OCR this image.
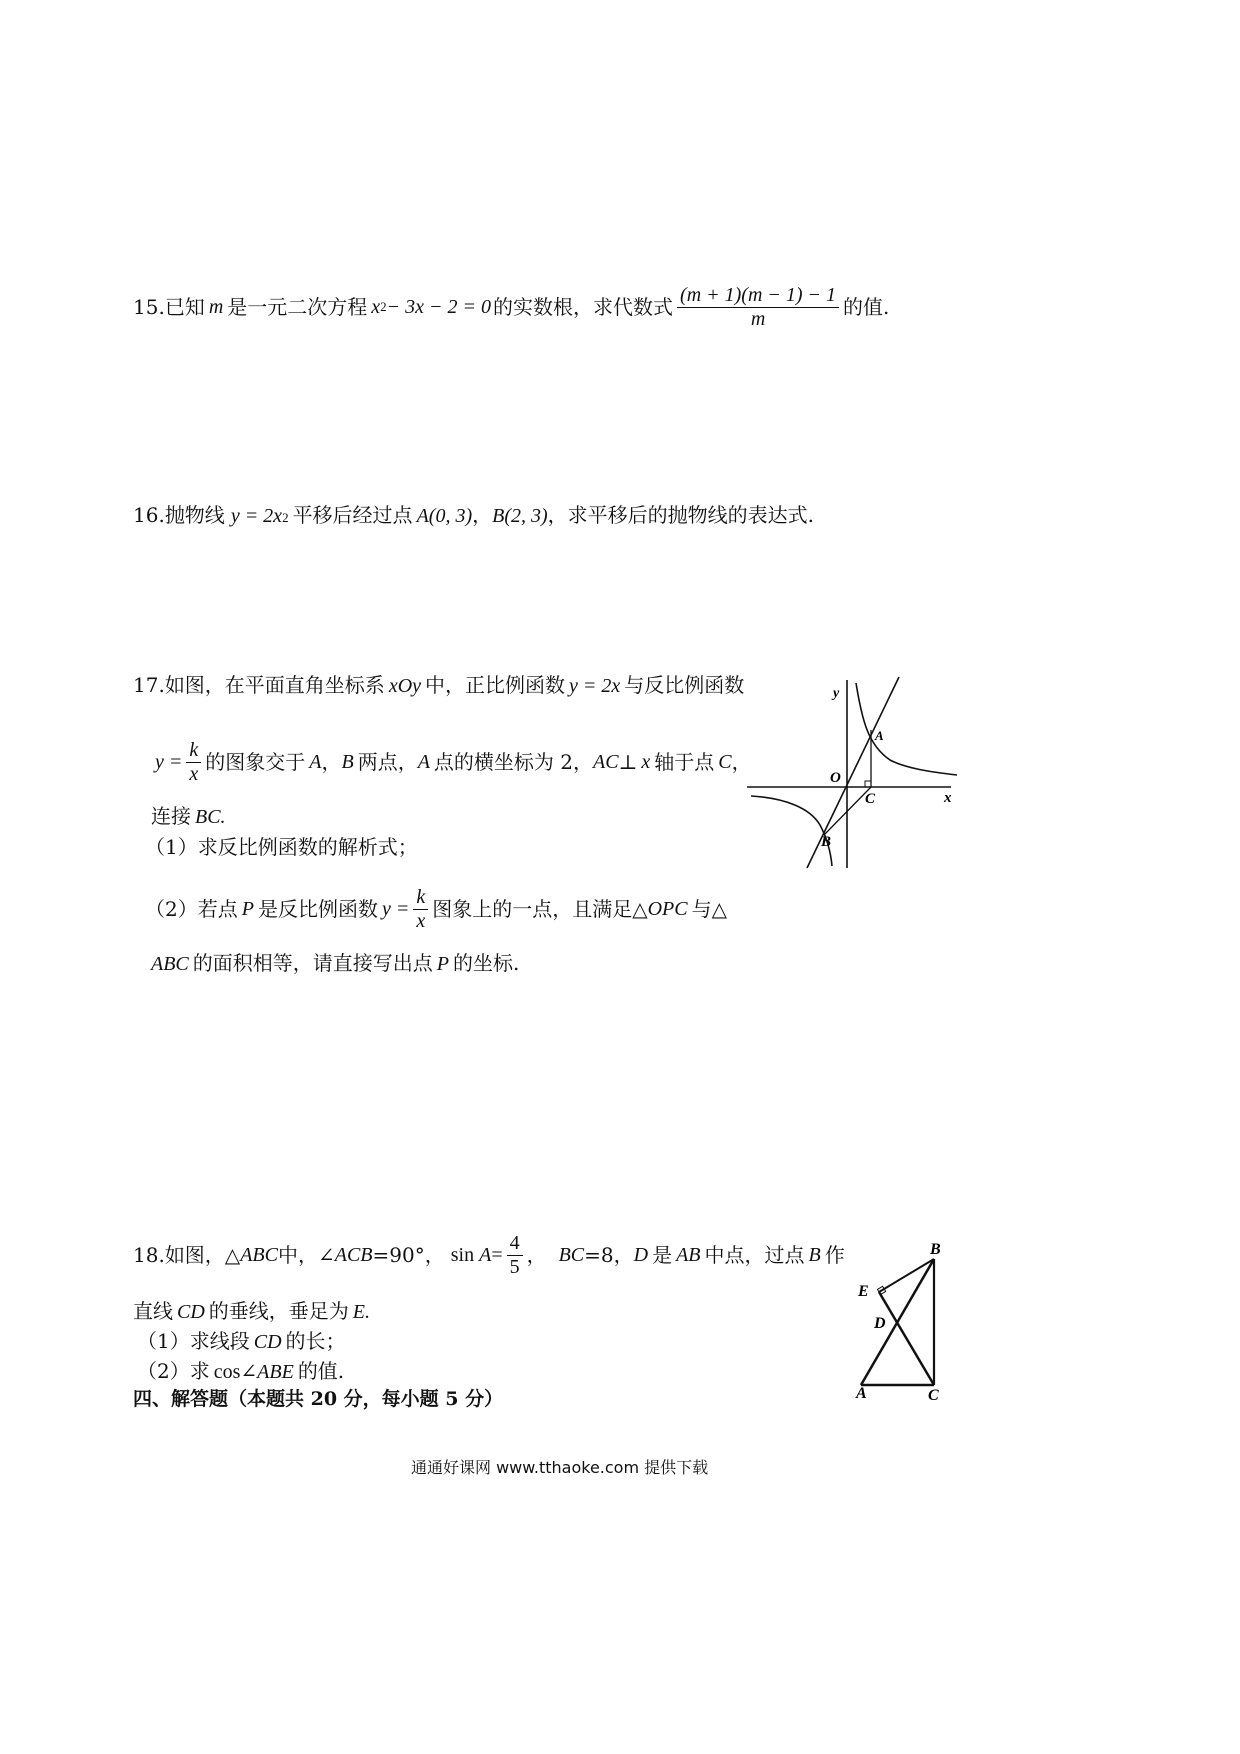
15. 已知 m 是一元二次方程 x 2 − 3x − 2 = 0 的实数根，求代数式 $\frac{(m + 1)(m - 1) - 1}{m}$ 的值.
16. 抛物线 y = 2x 2 平移后经过点 A(0, 3) ， B(2, 3) ，求平移后的抛物线的表达式.
17. 如图，在平面直角坐标系 xOy 中，正比例函数 y = 2x 与反比例函数
$y = \frac{k}{x}$ 的图象交于 A ， B 两点， A 点的横坐标为 2， AC ⊥ x 轴于点 C ，
连接 BC.
（1）求反比例函数的解析式；
（2）若点 P 是反比例函数 $y = \frac{k}{x}$ 图象上的一点，且满足△ OPC 与△
ABC 的面积相等，请直接写出点 P 的坐标.
y
x
O
A
C
B
18. 如图，△ ABC 中，∠ ACB =90°， $\sin A = \frac{4}{5}$ ， BC =8， D 是 AB 中点，过点 B 作
直线 CD 的垂线，垂足为 E.
（1）求线段 CD 的长；
（2）求 cos∠ ABE 的值.
B
E
D
A	C
四、解答题（本题共 20 分，每小题 5 分）
通通好课网 www.tthaoke.com 提供下载
